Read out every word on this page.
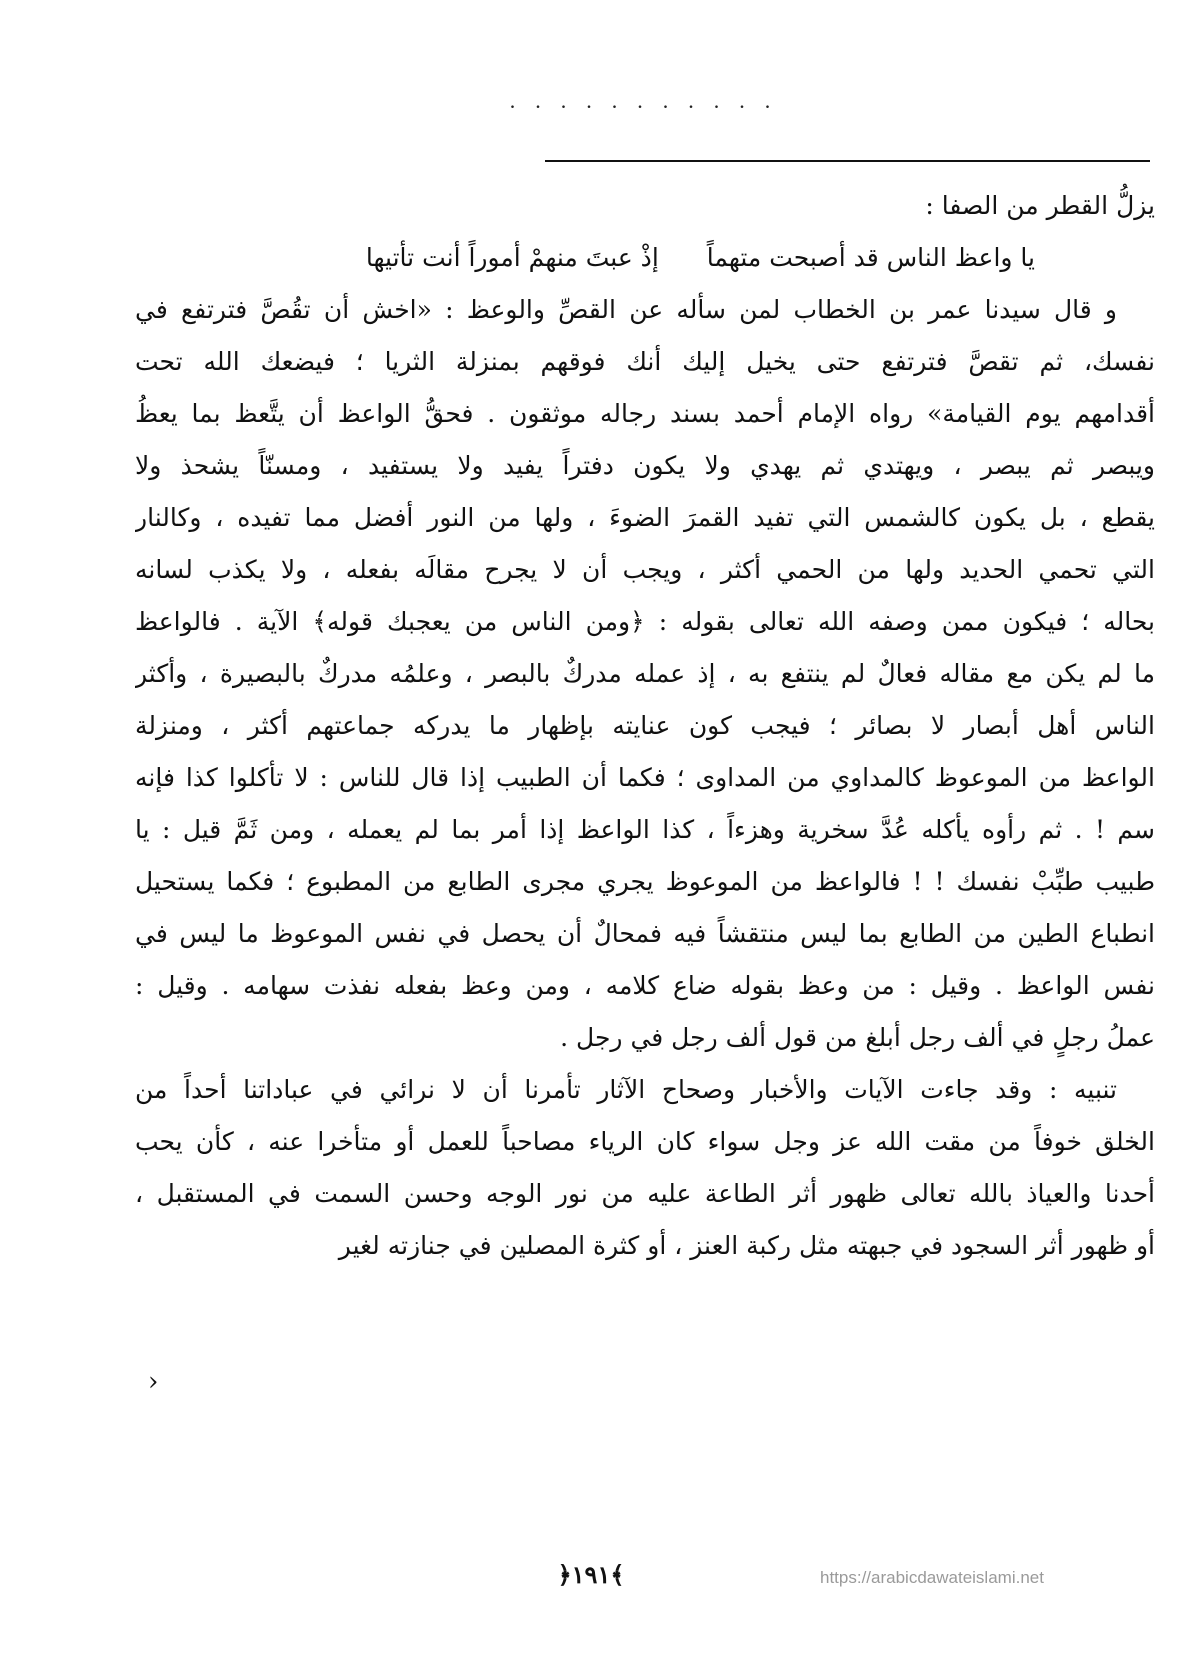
...........
يزلُّ القطر من الصفا :
يا واعظ الناس قد أصبحت متهماً
إذْ عبتَ منهمْ أموراً أنت تأتيها
و قال سيدنا عمر بن الخطاب لمن سأله عن القصِّ والوعظ : «اخش أن تقُصَّ فترتفع في
نفسك، ثم تقصَّ فترتفع حتى يخيل إليك أنك فوقهم بمنزلة الثريا ؛ فيضعك الله تحت
أقدامهم يوم القيامة» رواه الإمام أحمد بسند رجاله موثقون . فحقُّ الواعظ أن يتَّعظ بما يعظُ
ويبصر ثم يبصر ، ويهتدي ثم يهدي ولا يكون دفتراً يفيد ولا يستفيد ، ومسنّاً يشحذ ولا
يقطع ، بل يكون كالشمس التي تفيد القمرَ الضوءَ ، ولها من النور أفضل مما تفيده ، وكالنار
التي تحمي الحديد ولها من الحمي أكثر ، ويجب أن لا يجرح مقالَه بفعله ، ولا يكذب لسانه
بحاله ؛ فيكون ممن وصفه الله تعالى بقوله : ﴿ومن الناس من يعجبك قوله﴾ الآية . فالواعظ
ما لم يكن مع مقاله فعالٌ لم ينتفع به ، إذ عمله مدركٌ بالبصر ، وعلمُه مدركٌ بالبصيرة ، وأكثر
الناس أهل أبصار لا بصائر ؛ فيجب كون عنايته بإظهار ما يدركه جماعتهم أكثر ، ومنزلة
الواعظ من الموعوظ كالمداوي من المداوى ؛ فكما أن الطبيب إذا قال للناس : لا تأكلوا كذا فإنه
سم ! . ثم رأوه يأكله عُدَّ سخرية وهزءاً ، كذا الواعظ إذا أمر بما لم يعمله ، ومن ثَمَّ قيل : يا
طبيب طبِّبْ نفسك ! ! فالواعظ من الموعوظ يجري مجرى الطابع من المطبوع ؛ فكما يستحيل
انطباع الطين من الطابع بما ليس منتقشاً فيه فمحالٌ أن يحصل في نفس الموعوظ ما ليس في
نفس الواعظ . وقيل : من وعظ بقوله ضاع كلامه ، ومن وعظ بفعله نفذت سهامه . وقيل :
عملُ رجلٍ في ألف رجل أبلغ من قول ألف رجل في رجل .
تنبيه : وقد جاءت الآيات والأخبار وصحاح الآثار تأمرنا أن لا نرائي في عباداتنا أحداً من
الخلق خوفاً من مقت الله عز وجل سواء كان الرياء مصاحباً للعمل أو متأخرا عنه ، كأن يحب
أحدنا والعياذ بالله تعالى ظهور أثر الطاعة عليه من نور الوجه وحسن السمت في المستقبل ،
أو ظهور أثر السجود في جبهته مثل ركبة العنز ، أو كثرة المصلين في جنازته لغير
›
﴿١٩١﴾	https://arabicdawateislami.net
